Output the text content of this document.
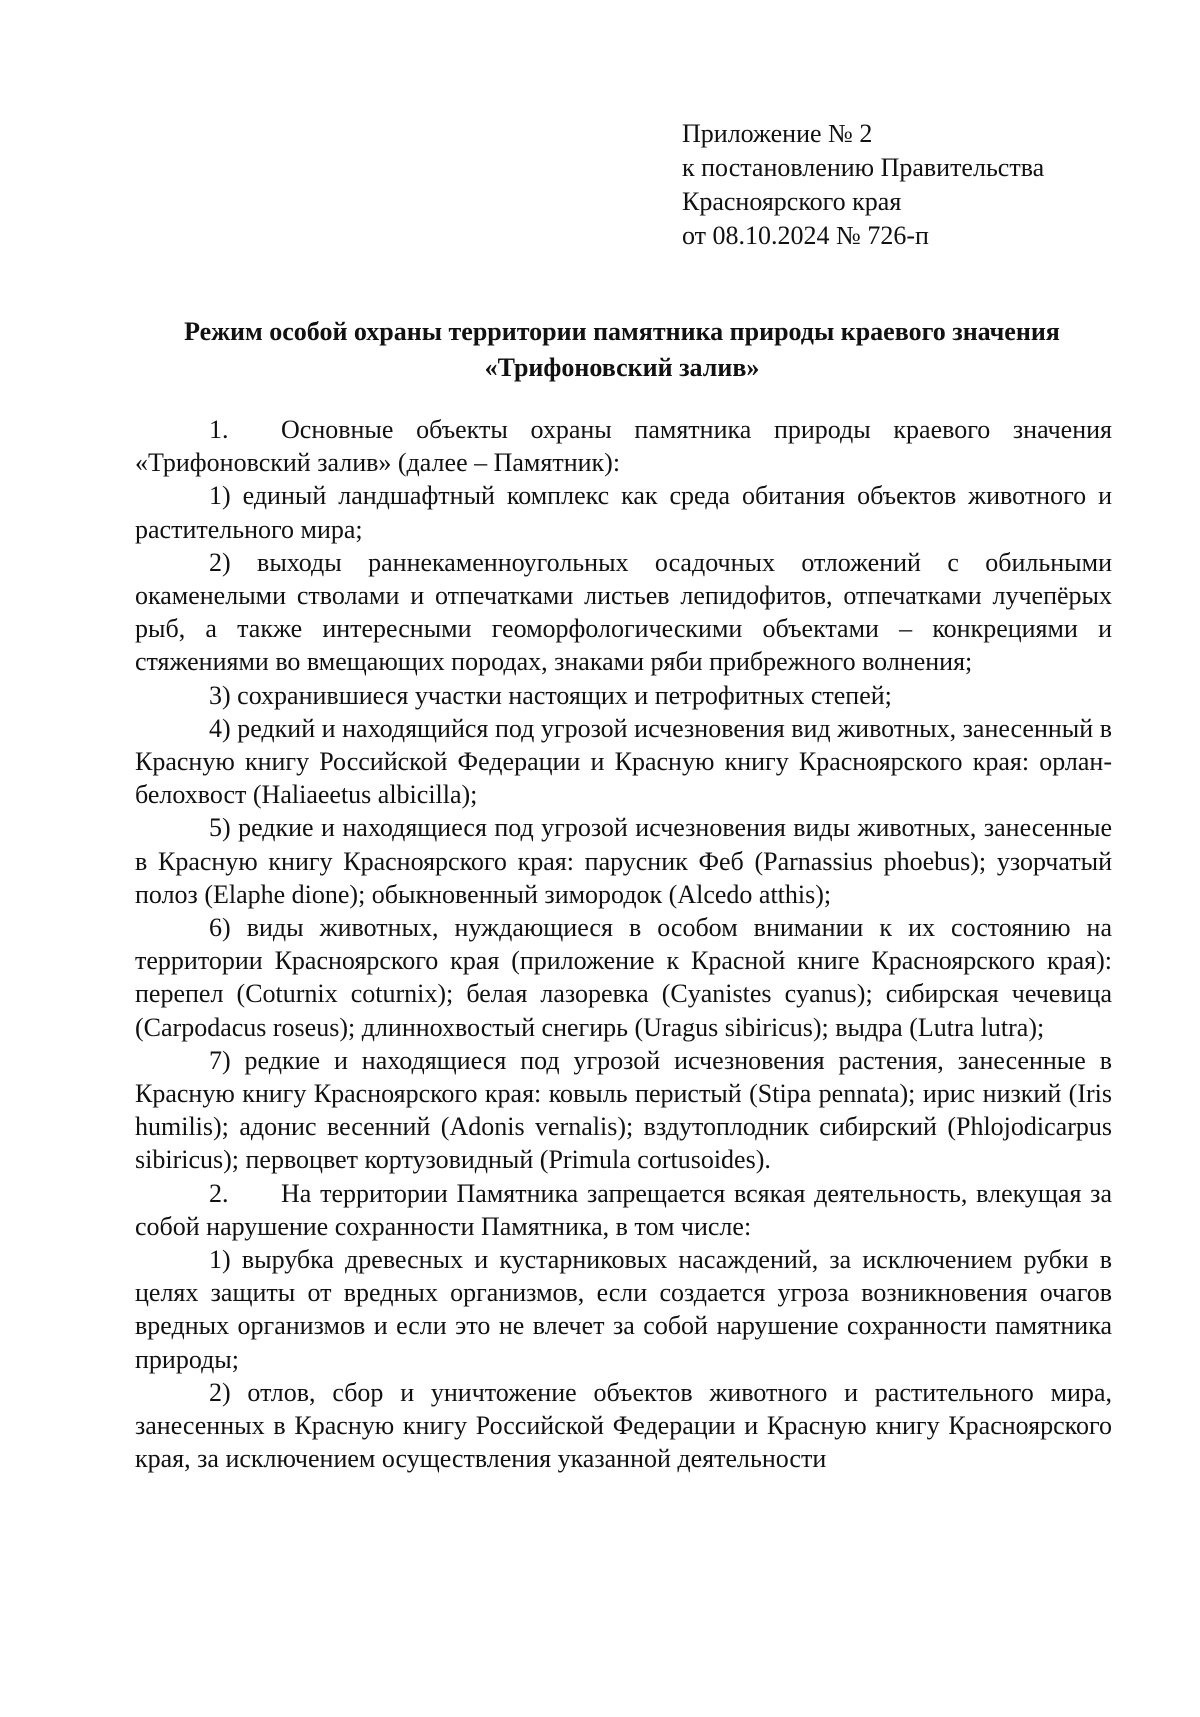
Приложение № 2
к постановлению Правительства
Красноярского края
от 08.10.2024 № 726-п
Режим особой охраны территории памятника природы краевого значения
«Трифоновский залив»

1. Основные объекты охраны памятника природы краевого значения «Трифоновский залив» (далее – Памятник):

1) единый ландшафтный комплекс как среда обитания объектов животного и растительного мира;

2) выходы раннекаменноугольных осадочных отложений с обильными окаменелыми стволами и отпечатками листьев лепидофитов, отпечатками лучепёрых рыб, а также интересными геоморфологическими объектами – конкрециями и стяжениями во вмещающих породах, знаками ряби прибрежного волнения;

3) сохранившиеся участки настоящих и петрофитных степей;

4) редкий и находящийся под угрозой исчезновения вид животных, занесенный в Красную книгу Российской Федерации и Красную книгу Красноярского края: орлан-белохвост (Haliaeetus albicilla);

5) редкие и находящиеся под угрозой исчезновения виды животных, занесенные в Красную книгу Красноярского края: парусник Феб (Parnassius phoebus); узорчатый полоз (Elaphe dione); обыкновенный зимородок (Alcedo atthis);

6) виды животных, нуждающиеся в особом внимании к их состоянию на территории Красноярского края (приложение к Красной книге Красноярского края): перепел (Coturnix coturnix); белая лазоревка (Cyanistes cyanus); сибирская чечевица (Carpodacus roseus); длиннохвостый снегирь (Uragus sibiricus); выдра (Lutra lutra);

7) редкие и находящиеся под угрозой исчезновения растения, занесенные в Красную книгу Красноярского края: ковыль перистый (Stipa pennata); ирис низкий (Iris humilis); адонис весенний (Adonis vernalis); вздутоплодник сибирский (Phlojodicarpus sibiricus); первоцвет кортузовидный (Primula cortusoides).

2. На территории Памятника запрещается всякая деятельность, влекущая за собой нарушение сохранности Памятника, в том числе:

1) вырубка древесных и кустарниковых насаждений, за исключением рубки в целях защиты от вредных организмов, если создается угроза возникновения очагов вредных организмов и если это не влечет за собой нарушение сохранности памятника природы;

2) отлов, сбор и уничтожение объектов животного и растительного мира, занесенных в Красную книгу Российской Федерации и Красную книгу Красноярского края, за исключением осуществления указанной деятельности
